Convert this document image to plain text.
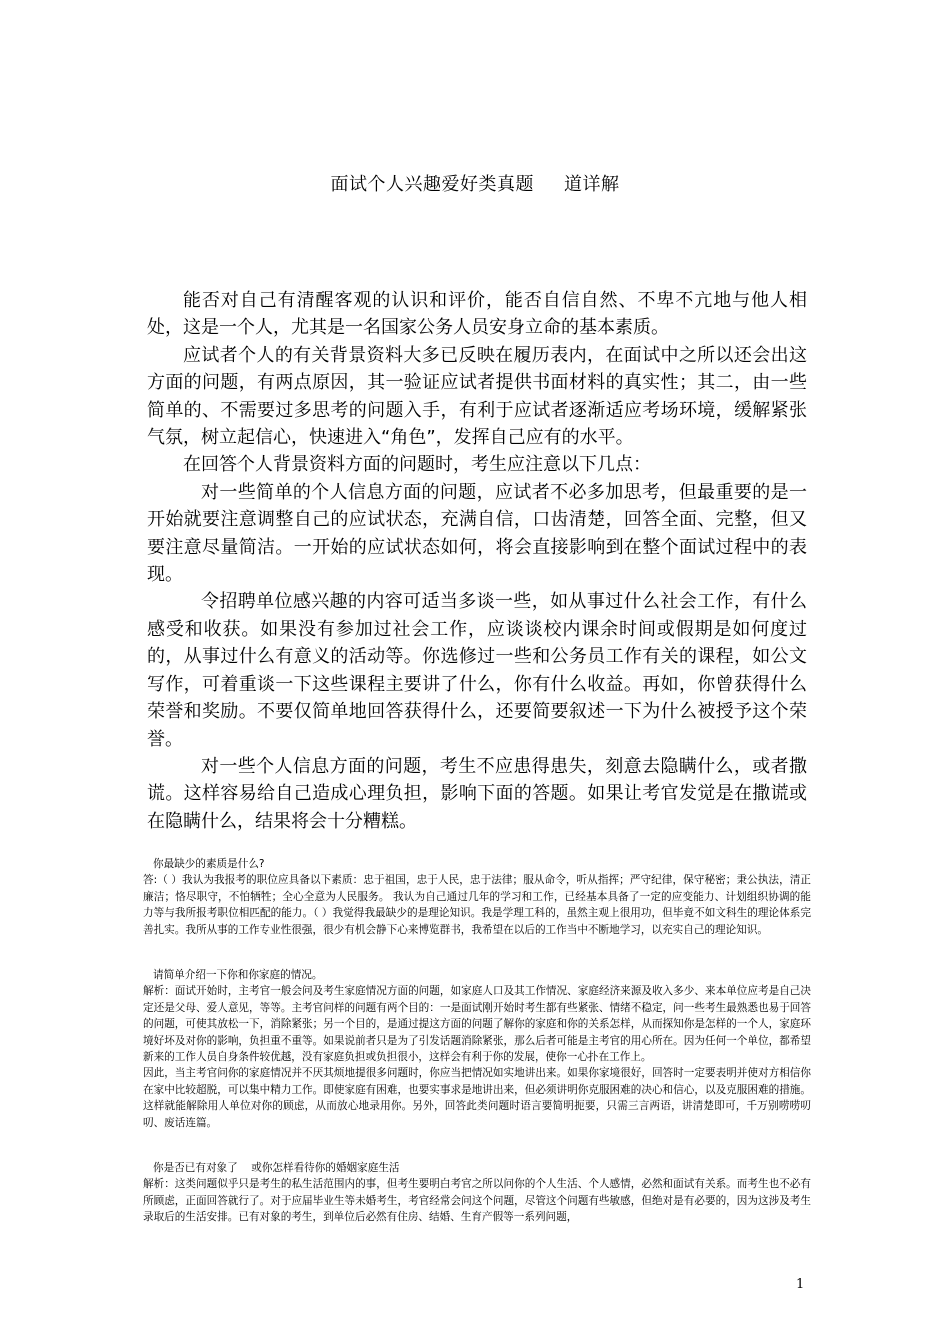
面试个人兴趣爱好类真题 道详解

能否对自己有清醒客观的认识和评价，能否自信自然、不卑不亢地与他人相处，这是一个人，尤其是一名国家公务人员安身立命的基本素质。

应试者个人的有关背景资料大多已反映在履历表内，在面试中之所以还会出这方面的问题，有两点原因，其一验证应试者提供书面材料的真实性；其二，由一些简单的、不需要过多思考的问题入手，有利于应试者逐渐适应考场环境，缓解紧张气氛，树立起信心，快速进入“角色”，发挥自己应有的水平。

在回答个人背景资料方面的问题时，考生应注意以下几点：

对一些简单的个人信息方面的问题，应试者不必多加思考，但最重要的是一开始就要注意调整自己的应试状态，充满自信，口齿清楚，回答全面、完整，但又要注意尽量简洁。一开始的应试状态如何，将会直接影响到在整个面试过程中的表现。

令招聘单位感兴趣的内容可适当多谈一些，如从事过什么社会工作，有什么感受和收获。如果没有参加过社会工作，应谈谈校内课余时间或假期是如何度过的，从事过什么有意义的活动等。你选修过一些和公务员工作有关的课程，如公文写作，可着重谈一下这些课程主要讲了什么，你有什么收益。再如，你曾获得什么荣誉和奖励。不要仅简单地回答获得什么，还要简要叙述一下为什么被授予这个荣誉。

对一些个人信息方面的问题，考生不应患得患失，刻意去隐瞒什么，或者撒谎。这样容易给自己造成心理负担，影响下面的答题。如果让考官发觉是在撒谎或在隐瞒什么，结果将会十分糟糕。

你最缺少的素质是什么?

答:（ ）我认为我报考的职位应具备以下素质：忠于祖国，忠于人民，忠于法律；服从命令，听从指挥；严守纪律，保守秘密；秉公执法，清正廉洁；恪尽职守，不怕牺牲；全心全意为人民服务。 我认为自己通过几年的学习和工作，已经基本具备了一定的应变能力、计划组织协调的能力等与我所报考职位相匹配的能力。（ ）我觉得我最缺少的是理论知识。我是学理工科的，虽然主观上很用功，但毕竟不如文科生的理论体系完善扎实。我所从事的工作专业性很强，很少有机会静下心来博览群书，我希望在以后的工作当中不断地学习，以充实自己的理论知识。

请简单介绍一下你和你家庭的情况。

解析：面试开始时，主考官一般会问及考生家庭情况方面的问题，如家庭人口及其工作情况、家庭经济来源及收入多少、来本单位应考是自己决定还是父母、爱人意见，等等。主考官问样的问题有两个目的：一是面试刚开始时考生都有些紧张、情绪不稳定，问一些考生最熟悉也易于回答的问题，可使其放松一下，消除紧张；另一个目的，是通过提这方面的问题了解你的家庭和你的关系怎样，从而探知你是怎样的一个人，家庭环境好坏及对你的影响，负担重不重等。如果说前者只是为了引发话题消除紧张，那么后者可能是主考官的用心所在。因为任何一个单位，都希望新来的工作人员自身条件较优越，没有家庭负担或负担很小，这样会有利于你的发展，使你一心扑在工作上。

因此，当主考官问你的家庭情况并不厌其烦地提很多问题时，你应当把情况如实地讲出来。如果你家境很好，回答时一定要表明并使对方相信你在家中比较超脱，可以集中精力工作。即使家庭有困难，也要实事求是地讲出来，但必须讲明你克服困难的决心和信心，以及克服困难的措施。这样就能解除用人单位对你的顾虑，从而放心地录用你。另外，回答此类问题时语言要简明扼要，只需三言两语，讲清楚即可，千万别唠唠叨叨、废话连篇。

你是否已有对象了    或你怎样看待你的婚姻家庭生活

解析：这类问题似乎只是考生的私生活范围内的事，但考生要明白考官之所以问你的个人生活、个人感情，必然和面试有关系。而考生也不必有所顾虑，正面回答就行了。对于应届毕业生等未婚考生，考官经常会问这个问题，尽管这个问题有些敏感，但绝对是有必要的，因为这涉及考生录取后的生活安排。已有对象的考生，到单位后必然有住房、结婚、生育产假等一系列问题，

1
